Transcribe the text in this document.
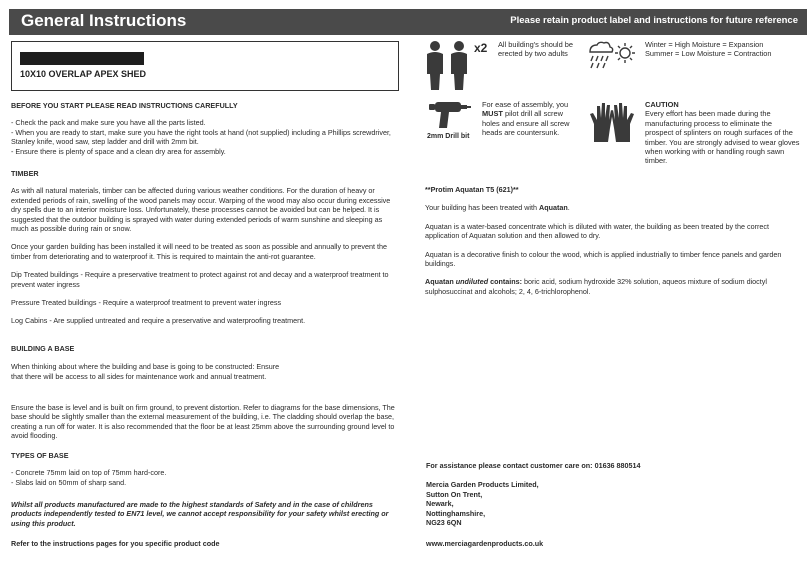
General Instructions	Please retain product label and instructions for future reference
10X10 OVERLAP APEX SHED

BEFORE YOU START PLEASE READ INSTRUCTIONS CAREFULLY

- Check the pack and make sure you have all the parts listed.

- When you are ready to start, make sure you have the right tools at hand (not supplied) including a Phillips screwdriver, Stanley knife, wood saw, step ladder and drill with 2mm bit.

- Ensure there is plenty of space and a clean dry area for assembly.

TIMBER

As with all natural materials, timber can be affected during various weather conditions. For the duration of heavy or extended periods of rain, swelling of the wood panels may occur. Warping of the wood may also occur during excessive dry spells due to an interior moisture loss. Unfortunately, these processes cannot be avoided but can be helped. It is suggested that the outdoor building is sprayed with water during extended periods of warm sunshine and sleeping as much as possible during rain or snow.

Once your garden building has been installed it will need to be treated as soon as possible and annually to prevent the timber from deteriorating and to waterproof it. This is required to maintain the anti-rot guarantee.

Dip Treated buildings - Require a preservative treatment to protect against rot and decay and a waterproof treatment to prevent water ingress

Pressure Treated buildings - Require a waterproof treatment to prevent water ingress

Log Cabins - Are supplied untreated and require a preservative and waterproofing treatment.

BUILDING A BASE

When thinking about where the building and base is going to be constructed: Ensure that there will be access to all sides for maintenance work and annual treatment.

Ensure the base is level and is built on firm ground, to prevent distortion. Refer to diagrams for the base dimensions, The base should be slightly smaller than the external measurement of the building, i.e. The cladding should overlap the base, creating a run off for water. It is also recommended that the floor be at least 25mm above the surrounding ground level to avoid flooding.

TYPES OF BASE

- Concrete 75mm laid on top of 75mm hard-core.

- Slabs laid on 50mm of sharp sand.

Whilst all products manufactured are made to the highest standards of Safety and in the case of childrens products independently tested to EN71 level, we cannot accept responsibility for your safety whilst erecting or using this product.

Refer to the instructions pages for you specific product code

x2 All building's should be erected by two adults
Winter = High Moisture = Expansion
Summer = Low Moisture = Contraction
2mm Drill bit
For ease of assembly, you MUST pilot drill all screw holes and ensure all screw heads are countersunk.
CAUTION
Every effort has been made during the manufacturing process to eliminate the prospect of splinters on rough surfaces of the timber. You are strongly advised to wear gloves when working with or handling rough sawn timber.

**Protim Aquatan T5 (621)**

Your building has been treated with Aquatan.

Aquatan is a water-based concentrate which is diluted with water, the building as been treated by the correct application of Aquatan solution and then allowed to dry.

Aquatan is a decorative finish to colour the wood, which is applied industrially to timber fence panels and garden buildings.

Aquatan undiluted contains: boric acid, sodium hydroxide 32% solution, aqueos mixture of sodium dioctyl sulphosuccinat and alcohols; 2, 4, 6-trichlorophenol.

For assistance please contact customer care on: 01636 880514

Mercia Garden Products Limited,

Sutton On Trent,

Newark,

Nottinghamshire,

NG23 6QN

www.merciagardenproducts.co.uk
